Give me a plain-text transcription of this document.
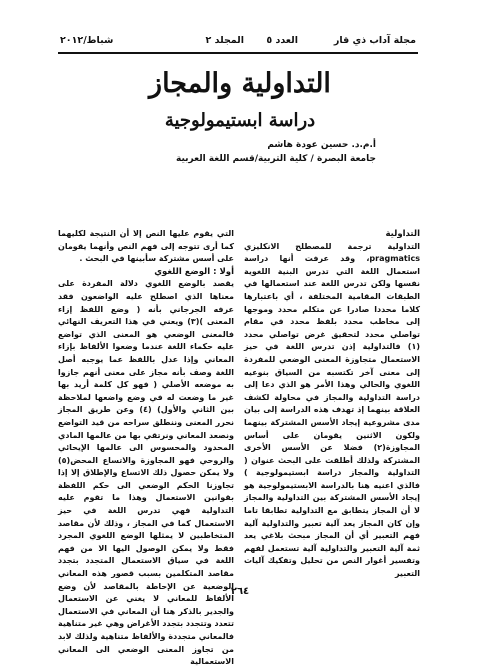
مجلة آداب ذي قار
العدد ٥
المجلد ٢
شباط/٢٠١٢
التداولية والمجاز
دراسة ابستيمولوجية
أ.م.د. حسين عودة هاشم
جامعة البصرة / كلية التربية/قسم اللغة العربية

التداولية

التداولية ترجمة للمصطلح الانكليزي pragmatics، وقد عرفت أنها دراسة استعمال اللغة التي تدرس البنية اللغوية نفسها ولكن تدرس اللغة عند استعمالها في الطبقات المقامية المختلفة ، أي باعتبارها كلاما محددا صادرا عن متكلم محدد وموجها إلى مخاطب محدد بلفظ محدد في مقام تواصلي محدد لتحقيق غرض تواصلي محدد (١) فالتداولية إذن تدرس اللغة في حيز الاستعمال متجاوزة المعنى الوضعي للمفردة إلى معنى آخر تكتسبه من السياق بنوعيه اللغوي والحالي وهذا الأمر هو الذي دعا إلى دراسة التداولية والمجاز في محاولة لكشف العلاقة بينهما إذ تهدف هذه الدراسة إلى بيان مدى مشروعية إيجاد الأسس المشتركة بينهما ولكون الاثنين يقومان على أساس المجاوزة(٢) فضلا عن الأسس الأخرى المشتركة ولذلك أطلقت على البحث عنوان ( التداولية والمجاز دراسة ابستيمولوجية ) فالذي اعنيه هنا بالدراسة الابستيمولوجية هو إيجاد الأسس المشتركة بين التداولية والمجاز لا أن المجاز يتطابق مع التداولية تطابقا تاما وإن كان المجاز يعد آلية تعبير والتداولية آلية فهم التعبير أي أن المجاز مبحث بلاغي يعد ثمة آلية التعبير والتداولية آلية تستعمل لفهم وتفسير أغوار النص من تحليل وتفكيك آليات التعبير

التي يقوم عليها النص إلا أن النتيجة لكليهما كما أرى تتوجه إلى فهم النص وأنهما يقومان على أسس مشتركة سأبينها في البحث .

أولا : الوضع اللغوي

يقصد بالوضع اللغوي دلالة المفردة على معناها الذي اصطلح عليه الواضعون فقد عرفه الجرجاني بأنه ( وضع اللفظ إزاء المعنى )(٣) ويعني في هذا التعريف النهائي فالمعنى الوضعي هو المعنى الذي تواضع عليه حكماء اللغة عندما وضعوا الألفاظ بإزاء المعاني وإذا عدل باللفظ عما يوجبه أصل اللغة وصف بأنه مجاز على معنى أنهم جازوا به موضعه الأصلي ( فهو كل كلمة أريد بها غير ما وضعت له في وضع واضعها لملاحظة بين الثاني والأول) (٤) وعن طريق المجاز نحرر المعنى وننطلق سراحه من قيد التواضع ونصعد المعاني ونرتقي بها من عالمها المادي المحدود والمحسوس الى عالمها الإيحائي والروحي فهو المجاوزة والاتساع المحض(٥) ولا يمكن حصول ذلك الاتساع والإطلاق إلا إذا تجاوزنا الحكم الوضعي الى حكم اللفظة بقوانين الاستعمال وهذا ما تقوم عليه التداولية فهي تدرس اللغة في حيز الاستعمال كما في المجاز ، وذلك لأن مقاصد المتخاطبين لا يمثلها الوضع اللغوي المجرد فقط ولا يمكن الوصول اليها الا من فهم اللغة في سياق الاستعمال المتجدد بتجدد مقاصد المتكلمين بسبب قصور هذه المعاني الوضعية عن الإحاطة بالمقاصد لأن وضع الألفاظ للمعاني لا يغني عن الاستعمال والجدير بالذكر هنا أن المعاني في الاستعمال تتعدد وتتجدد بتجدد الأغراض وهي غير متناهية فالمعاني متجددة والألفاظ متناهية ولذلك لابد من تجاوز المعنى الوضعي الى المعاني الاستعمالية

٢٦٤
